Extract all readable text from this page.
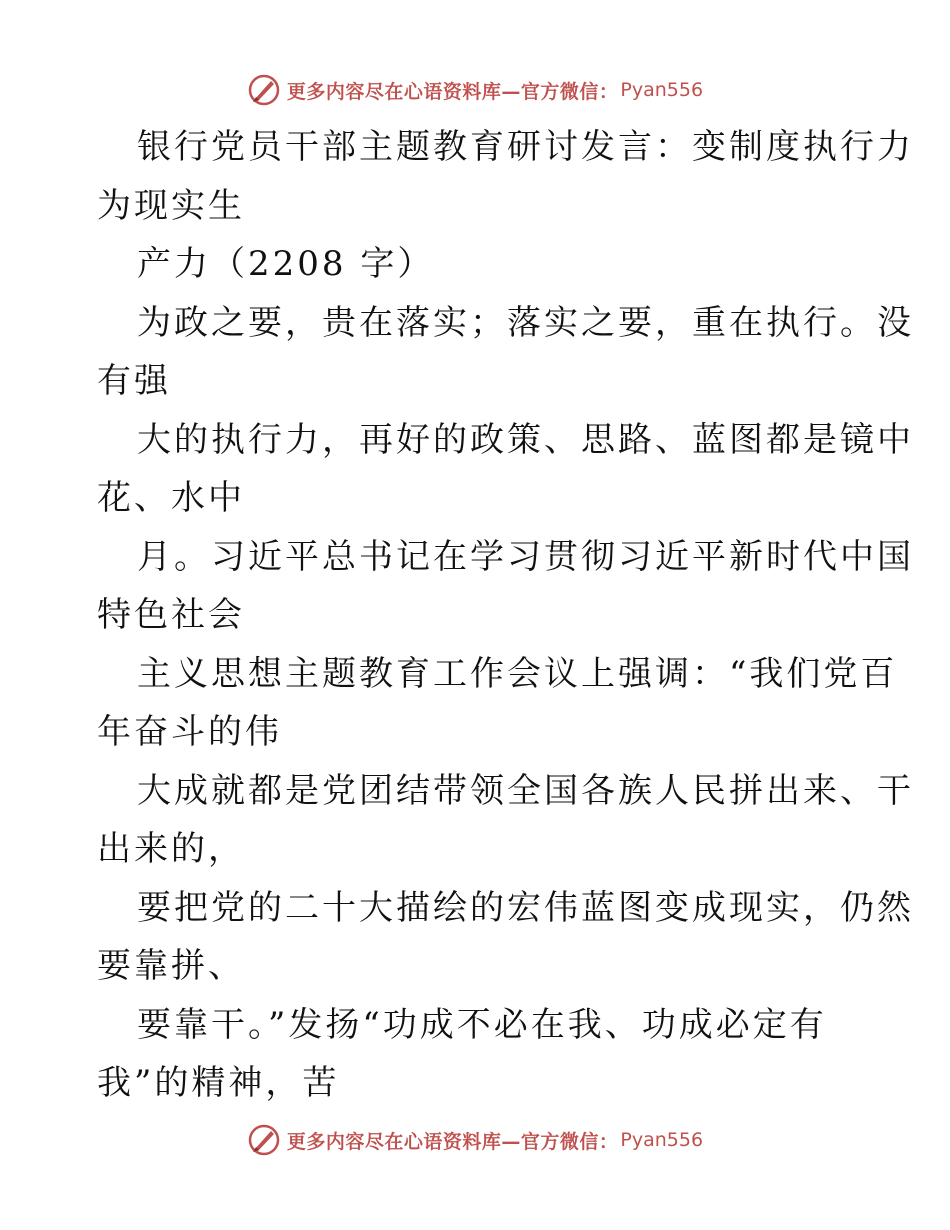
更多内容尽在心语资料库—官方微信： Pyan556
银行党员干部主题教育研讨发言：变制度执行力
为现实生
产力（2208 字）
为政之要，贵在落实；落实之要，重在执行。没
有强
大的执行力，再好的政策、思路、蓝图都是镜中
花、水中
月。习近平总书记在学习贯彻习近平新时代中国
特色社会
主义思想主题教育工作会议上强调：“我们党百
年奋斗的伟
大成就都是党团结带领全国各族人民拼出来、干
出来的，
要把党的二十大描绘的宏伟蓝图变成现实，仍然
要靠拼、
要靠干。”发扬“功成不必在我、功成必定有
我”的精神，苦
更多内容尽在心语资料库—官方微信： Pyan556
